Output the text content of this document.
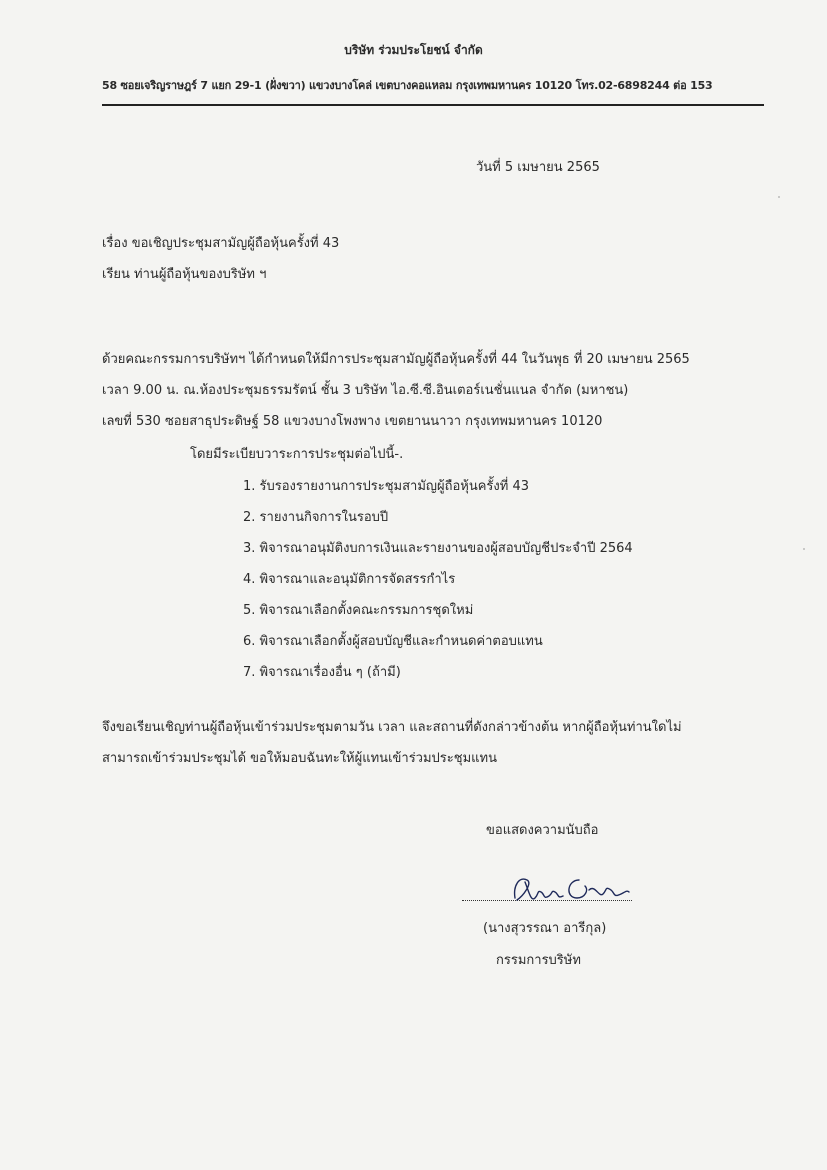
บริษัท ร่วมประโยชน์ จำกัด
58 ซอยเจริญราษฎร์ 7 แยก 29-1 (ฝั่งขวา) แขวงบางโคล่ เขตบางคอแหลม กรุงเทพมหานคร 10120 โทร.02-6898244 ต่อ 153
วันที่ 5 เมษายน 2565
เรื่อง ขอเชิญประชุมสามัญผู้ถือหุ้นครั้งที่ 43
เรียน ท่านผู้ถือหุ้นของบริษัท ฯ
ด้วยคณะกรรมการบริษัทฯ ได้กำหนดให้มีการประชุมสามัญผู้ถือหุ้นครั้งที่ 44 ในวันพุธ ที่ 20 เมษายน 2565
เวลา 9.00 น. ณ.ห้องประชุมธรรมรัตน์ ชั้น 3 บริษัท ไอ.ซี.ซี.อินเตอร์เนชั่นแนล จำกัด (มหาชน)
เลขที่ 530 ซอยสาธุประดิษฐ์ 58 แขวงบางโพงพาง เขตยานนาวา กรุงเทพมหานคร 10120
โดยมีระเบียบวาระการประชุมต่อไปนี้-.
1. รับรองรายงานการประชุมสามัญผู้ถือหุ้นครั้งที่ 43
2. รายงานกิจการในรอบปี
3. พิจารณาอนุมัติงบการเงินและรายงานของผู้สอบบัญชีประจำปี 2564
4. พิจารณาและอนุมัติการจัดสรรกำไร
5. พิจารณาเลือกตั้งคณะกรรมการชุดใหม่
6. พิจารณาเลือกตั้งผู้สอบบัญชีและกำหนดค่าตอบแทน
7. พิจารณาเรื่องอื่น ๆ (ถ้ามี)
จึงขอเรียนเชิญท่านผู้ถือหุ้นเข้าร่วมประชุมตามวัน เวลา และสถานที่ดังกล่าวข้างต้น หากผู้ถือหุ้นท่านใดไม่
สามารถเข้าร่วมประชุมได้ ขอให้มอบฉันทะให้ผู้แทนเข้าร่วมประชุมแทน
ขอแสดงความนับถือ
(นางสุวรรณา อารีกุล)
กรรมการบริษัท
